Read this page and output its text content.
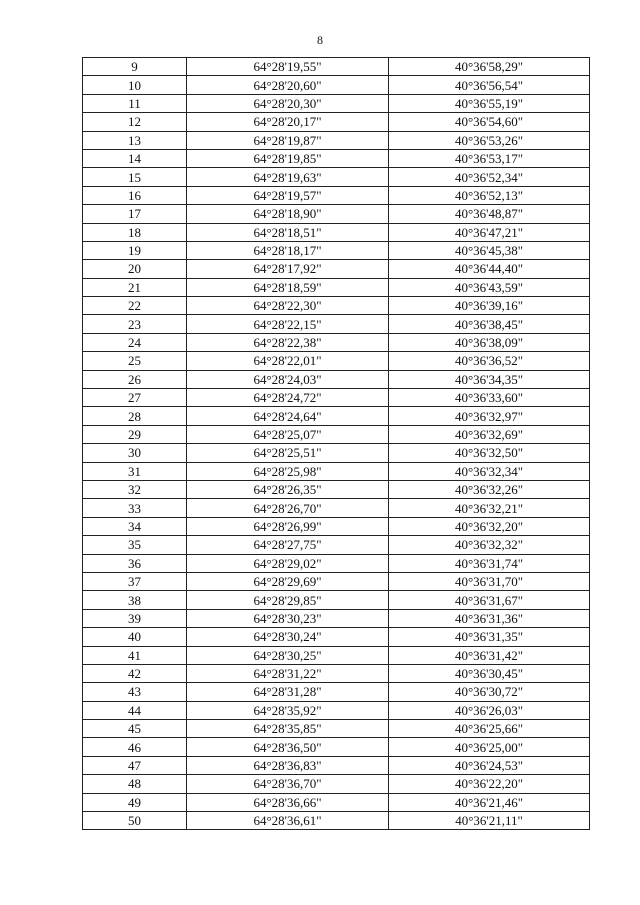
8
9	64°28'19,55"	40°36'58,29"
10	64°28'20,60"	40°36'56,54"
11	64°28'20,30"	40°36'55,19"
12	64°28'20,17"	40°36'54,60"
13	64°28'19,87"	40°36'53,26"
14	64°28'19,85"	40°36'53,17"
15	64°28'19,63"	40°36'52,34"
16	64°28'19,57"	40°36'52,13"
17	64°28'18,90"	40°36'48,87"
18	64°28'18,51"	40°36'47,21"
19	64°28'18,17"	40°36'45,38"
20	64°28'17,92"	40°36'44,40"
21	64°28'18,59"	40°36'43,59"
22	64°28'22,30"	40°36'39,16"
23	64°28'22,15"	40°36'38,45"
24	64°28'22,38"	40°36'38,09"
25	64°28'22,01"	40°36'36,52"
26	64°28'24,03"	40°36'34,35"
27	64°28'24,72"	40°36'33,60"
28	64°28'24,64"	40°36'32,97"
29	64°28'25,07"	40°36'32,69"
30	64°28'25,51"	40°36'32,50"
31	64°28'25,98"	40°36'32,34"
32	64°28'26,35"	40°36'32,26"
33	64°28'26,70"	40°36'32,21"
34	64°28'26,99"	40°36'32,20"
35	64°28'27,75"	40°36'32,32"
36	64°28'29,02"	40°36'31,74"
37	64°28'29,69"	40°36'31,70"
38	64°28'29,85"	40°36'31,67"
39	64°28'30,23"	40°36'31,36"
40	64°28'30,24"	40°36'31,35"
41	64°28'30,25"	40°36'31,42"
42	64°28'31,22"	40°36'30,45"
43	64°28'31,28"	40°36'30,72"
44	64°28'35,92"	40°36'26,03"
45	64°28'35,85"	40°36'25,66"
46	64°28'36,50"	40°36'25,00"
47	64°28'36,83"	40°36'24,53"
48	64°28'36,70"	40°36'22,20"
49	64°28'36,66"	40°36'21,46"
50	64°28'36,61"	40°36'21,11"
